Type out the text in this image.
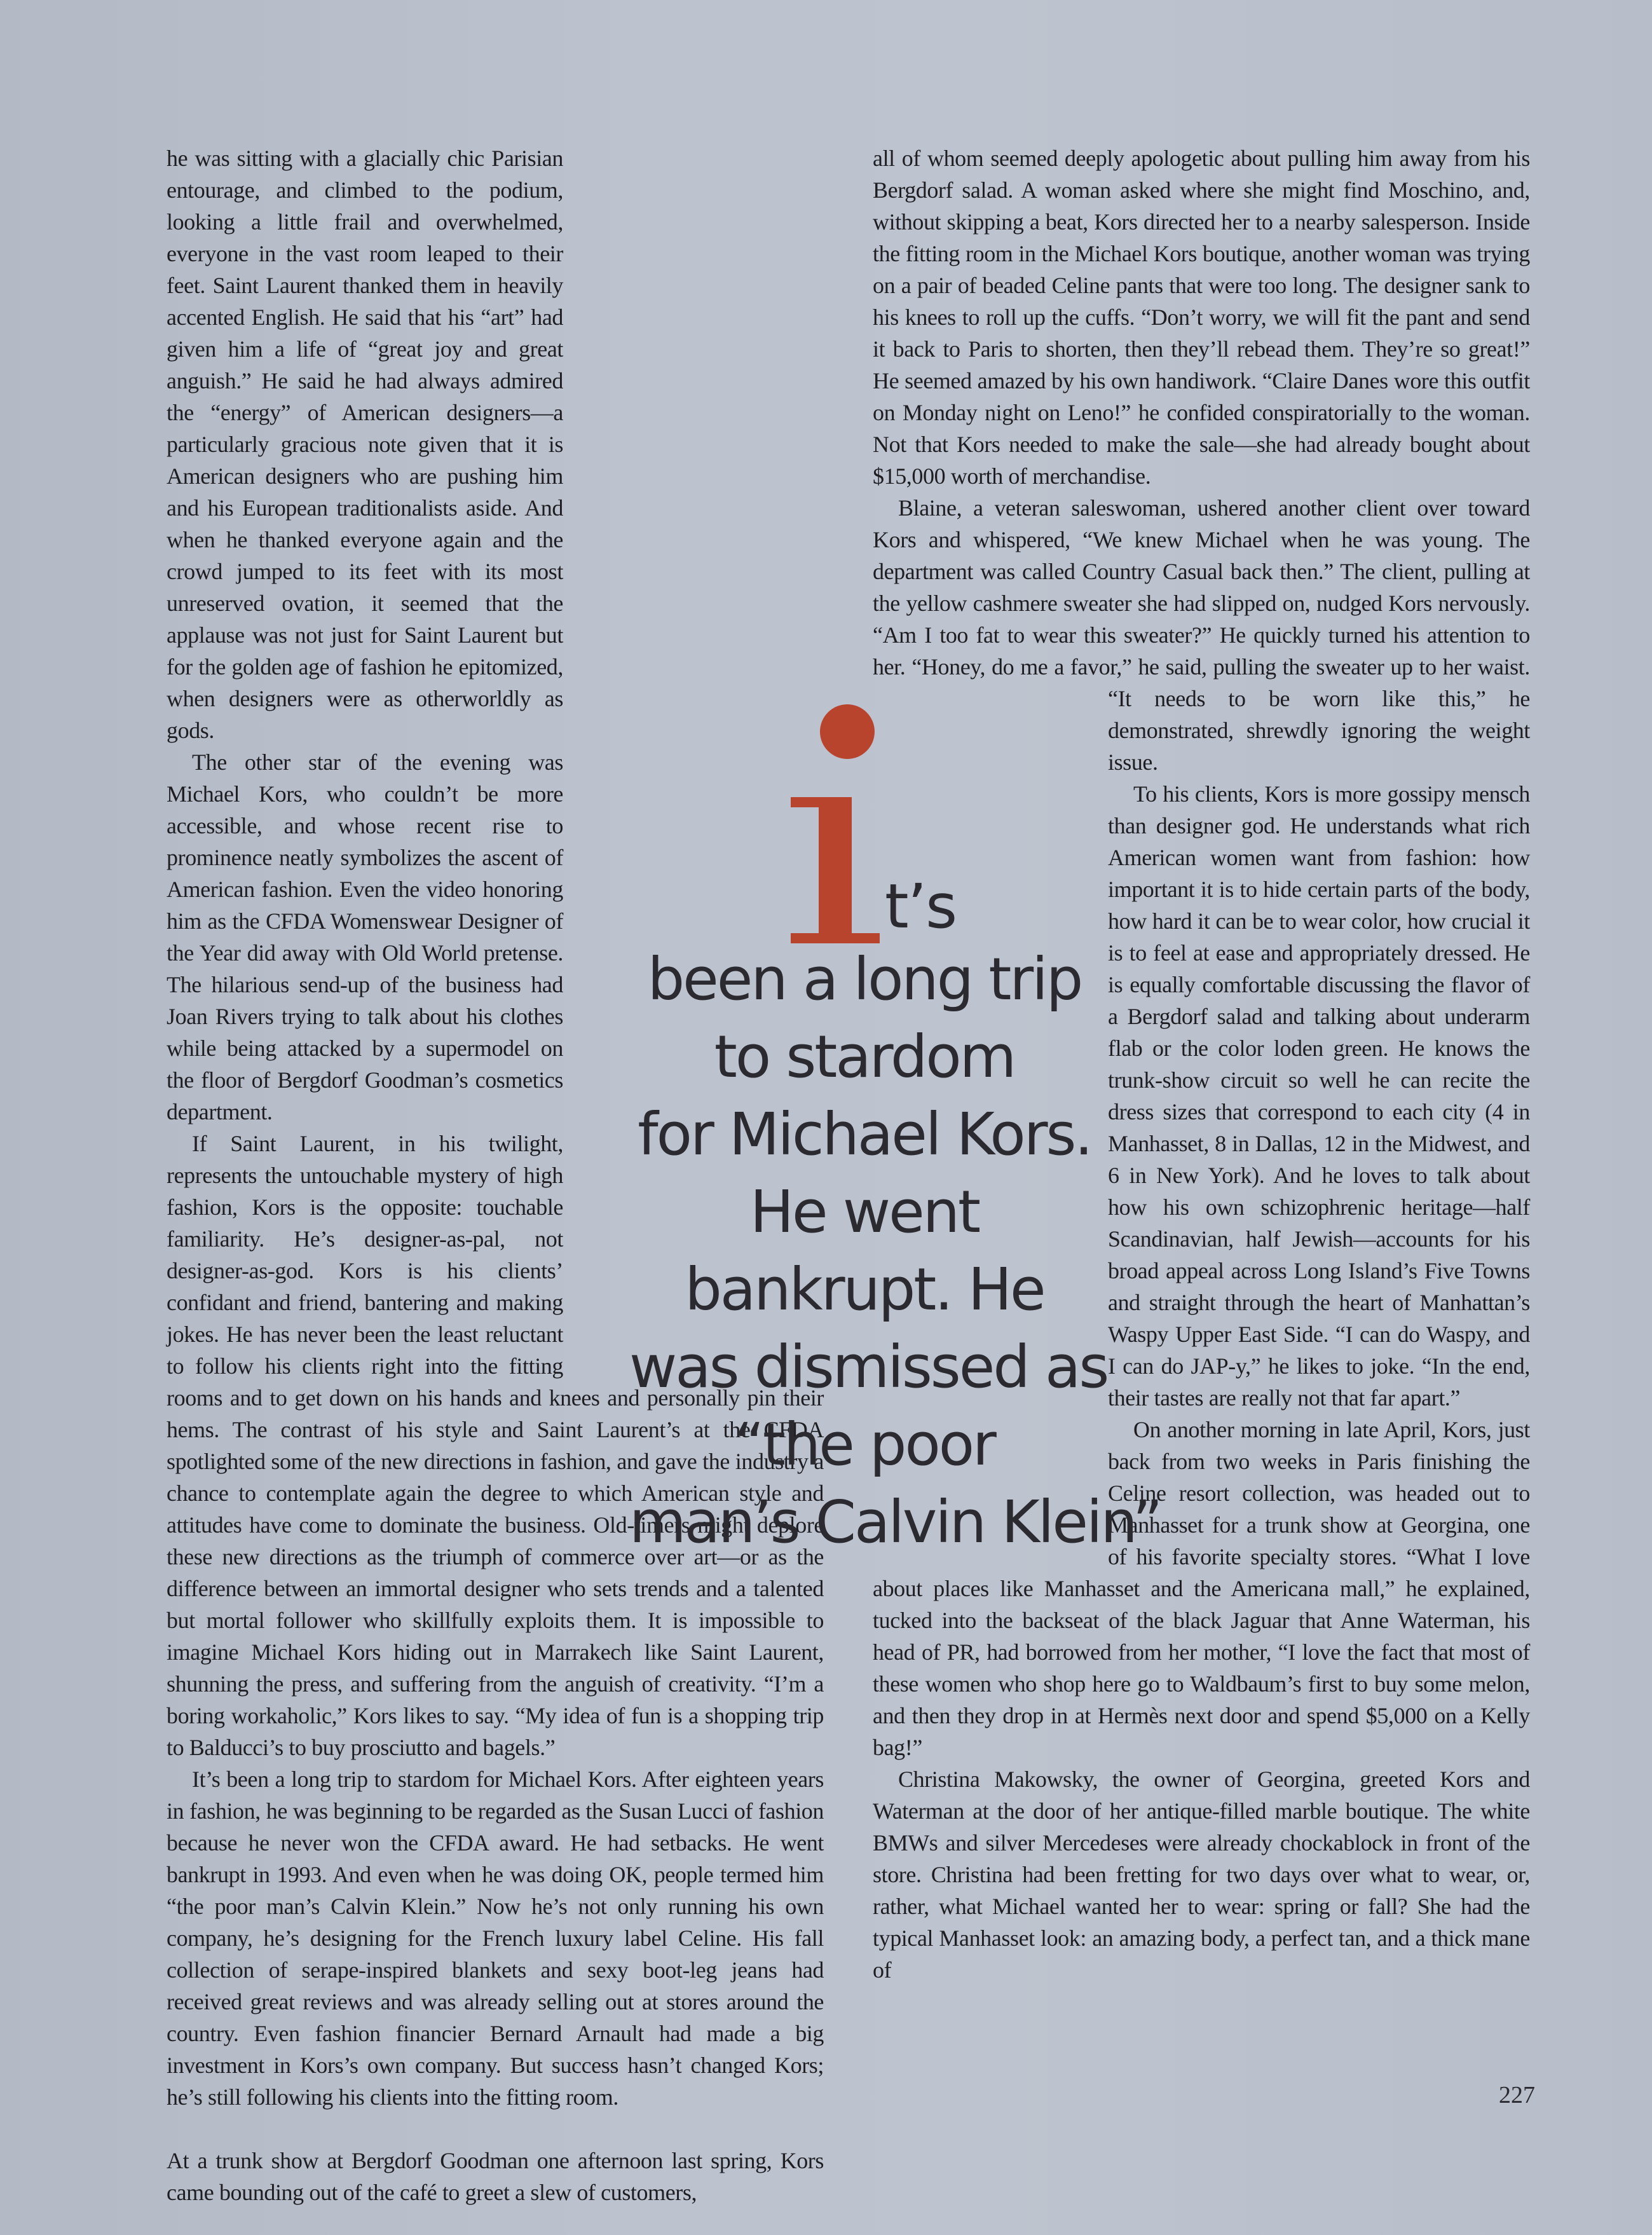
he was sitting with a glacially chic Parisian entourage, and climbed to the podium, looking a little frail and overwhelmed, everyone in the vast room leaped to their feet. Saint Laurent thanked them in heavily accented English. He said that his “art” had given him a life of “great joy and great anguish.” He said he had always admired the “energy” of American designers—a particularly gracious note given that it is American designers who are pushing him and his European traditionalists aside. And when he thanked everyone again and the crowd jumped to its feet with its most unreserved ovation, it seemed that the applause was not just for Saint Laurent but for the golden age of fashion he epitomized, when designers were as otherworldly as gods.

The other star of the evening was Michael Kors, who couldn’t be more accessible, and whose recent rise to prominence neatly symbolizes the ascent of American fashion. Even the video honoring him as the CFDA Womenswear Designer of the Year did away with Old World pretense. The hilarious send-up of the business had Joan Rivers trying to talk about his clothes while being attacked by a supermodel on the floor of Bergdorf Goodman’s cosmetics department.

If Saint Laurent, in his twilight, represents the untouchable mystery of high fashion, Kors is the opposite: touchable familiarity. He’s designer-as-pal, not designer-as-god. Kors is his clients’ confidant and friend, bantering and making jokes. He has never been the least reluctant to follow his clients right into the fitting rooms and to get down on his hands and knees and personally pin their hems. The contrast of his style and Saint Laurent’s at the CFDA spotlighted some of the new directions in fashion, and gave the industry a chance to contemplate again the degree to which American style and attitudes have come to dominate the business. Old-timers might deplore these new directions as the triumph of commerce over art—or as the difference between an immortal designer who sets trends and a talented but mortal follower who skillfully exploits them. It is impossible to imagine Michael Kors hiding out in Marrakech like Saint Laurent, shunning the press, and suffering from the anguish of creativity. “I’m a boring workaholic,” Kors likes to say. “My idea of fun is a shopping trip to Balducci’s to buy prosciutto and bagels.”

It’s been a long trip to stardom for Michael Kors. After eighteen years in fashion, he was beginning to be regarded as the Susan Lucci of fashion because he never won the CFDA award. He had setbacks. He went bankrupt in 1993. And even when he was doing OK, people termed him “the poor man’s Calvin Klein.” Now he’s not only running his own company, he’s designing for the French luxury label Celine. His fall collection of serape-inspired blankets and sexy boot-leg jeans had received great reviews and was already selling out at stores around the country. Even fashion financier Bernard Arnault had made a big investment in Kors’s own company. But success hasn’t changed Kors; he’s still following his clients into the fitting room.

At a trunk show at Bergdorf Goodman one afternoon last spring, Kors came bounding out of the café to greet a slew of customers,

all of whom seemed deeply apologetic about pulling him away from his Bergdorf salad. A woman asked where she might find Moschino, and, without skipping a beat, Kors directed her to a nearby salesperson. Inside the fitting room in the Michael Kors boutique, another woman was trying on a pair of beaded Celine pants that were too long. The designer sank to his knees to roll up the cuffs. “Don’t worry, we will fit the pant and send it back to Paris to shorten, then they’ll rebead them. They’re so great!” He seemed amazed by his own handiwork. “Claire Danes wore this outfit on Monday night on Leno!” he confided conspiratorially to the woman. Not that Kors needed to make the sale—she had already bought about $15,000 worth of merchandise.

Blaine, a veteran saleswoman, ushered another client over toward Kors and whispered, “We knew Michael when he was young. The department was called Country Casual back then.” The client, pulling at the yellow cashmere sweater she had slipped on, nudged Kors nervously. “Am I too fat to wear this sweater?” He quickly turned his attention to her. “Honey, do me a favor,” he said, pulling the sweater up to her waist. “It needs to be worn like this,” he demonstrated, shrewdly ignoring the weight issue.

To his clients, Kors is more gossipy mensch than designer god. He understands what rich American women want from fashion: how important it is to hide certain parts of the body, how hard it can be to wear color, how crucial it is to feel at ease and appropriately dressed. He is equally comfortable discussing the flavor of a Bergdorf salad and talking about underarm flab or the color loden green. He knows the trunk-show circuit so well he can recite the dress sizes that correspond to each city (4 in Manhasset, 8 in Dallas, 12 in the Midwest, and 6 in New York). And he loves to talk about how his own schizophrenic heritage—half Scandinavian, half Jewish—accounts for his broad appeal across Long Island’s Five Towns and straight through the heart of Manhattan’s Waspy Upper East Side. “I can do Waspy, and I can do JAP-y,” he likes to joke. “In the end, their tastes are really not that far apart.”

On another morning in late April, Kors, just back from two weeks in Paris finishing the Celine resort collection, was headed out to Manhasset for a trunk show at Georgina, one of his favorite specialty stores. “What I love about places like Manhasset and the Americana mall,” he explained, tucked into the backseat of the black Jaguar that Anne Waterman, his head of PR, had borrowed from her mother, “I love the fact that most of these women who shop here go to Waldbaum’s first to buy some melon, and then they drop in at Hermès next door and spend $5,000 on a Kelly bag!”

Christina Makowsky, the owner of Georgina, greeted Kors and Waterman at the door of her antique-filled marble boutique. The white BMWs and silver Mercedeses were already chockablock in front of the store. Christina had been fretting for two days over what to wear, or, rather, what Michael wanted her to wear: spring or fall? She had the typical Manhasset look: an amazing body, a perfect tan, and a thick mane of

t’s
been a long trip
to stardom
for Michael Kors.
He went
bankrupt. He
was dismissed as
“the poor
man’s Calvin Klein”
227
